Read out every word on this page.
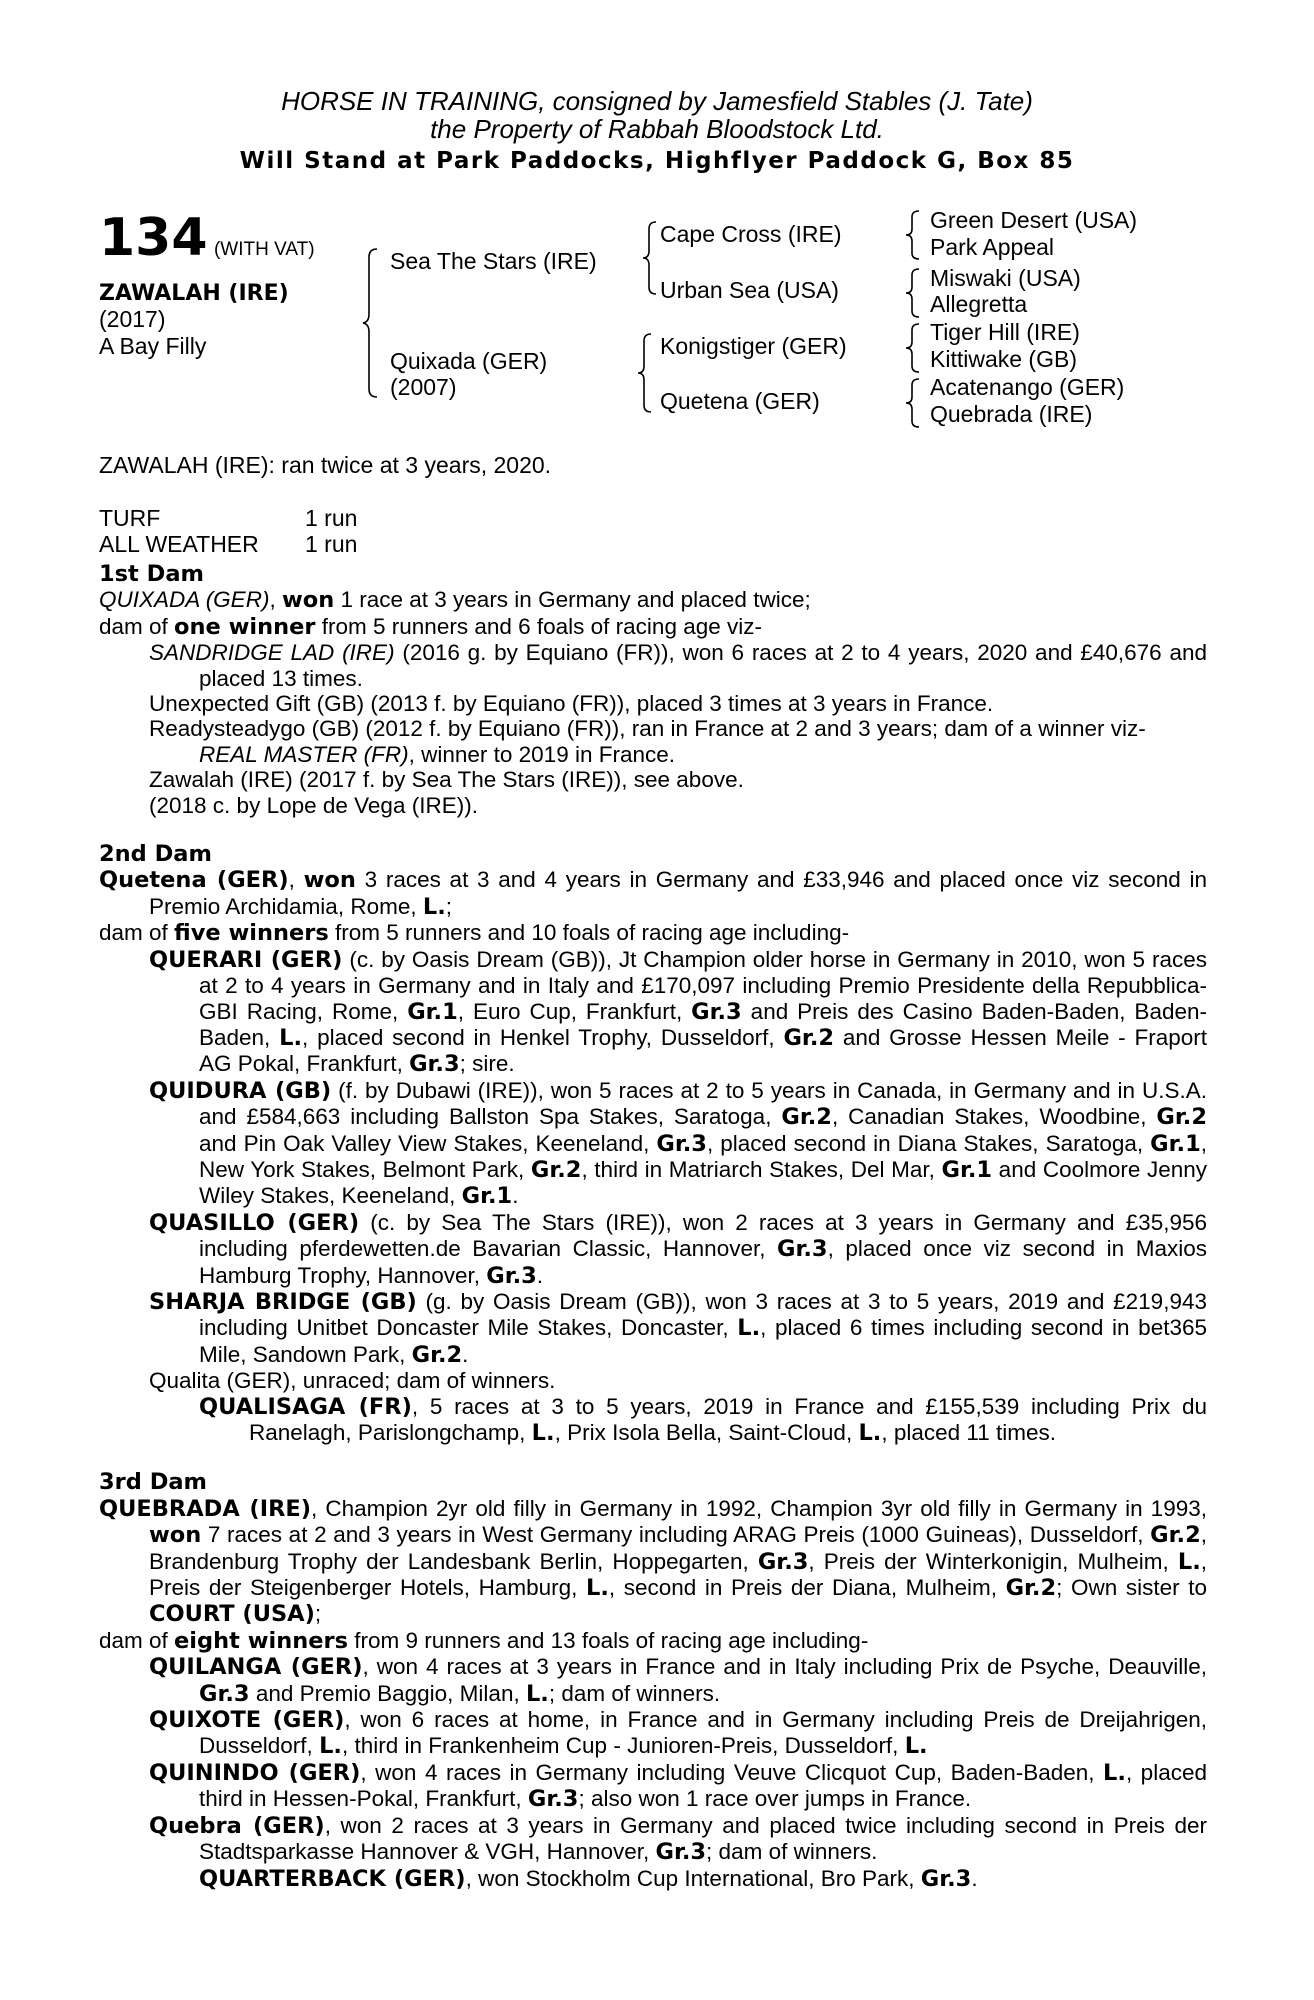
HORSE IN TRAINING, consigned by Jamesfield Stables (J. Tate)
the Property of Rabbah Bloodstock Ltd.
Will Stand at Park Paddocks, Highflyer Paddock G, Box 85
134 (WITH VAT)
ZAWALAH (IRE)
(2017)
A Bay Filly
Sea The Stars (IRE)
Quixada (GER)
(2007)
Cape Cross (IRE)
Urban Sea (USA)
Konigstiger (GER)
Quetena (GER)
Green Desert (USA)
Park Appeal
Miswaki (USA)
Allegretta
Tiger Hill (IRE)
Kittiwake (GB)
Acatenango (GER)
Quebrada (IRE)
ZAWALAH (IRE): ran twice at 3 years, 2020.
TURF	1 run
ALL WEATHER 1 run
1st Dam
QUIXADA (GER), won 1 race at 3 years in Germany and placed twice;
dam of one winner from 5 runners and 6 foals of racing age viz-
SANDRIDGE LAD (IRE) (2016 g. by Equiano (FR)), won 6 races at 2 to 4 years, 2020 and £40,676 and placed 13 times.
Unexpected Gift (GB) (2013 f. by Equiano (FR)), placed 3 times at 3 years in France.
Readysteadygo (GB) (2012 f. by Equiano (FR)), ran in France at 2 and 3 years; dam of a winner viz-
REAL MASTER (FR), winner to 2019 in France.
Zawalah (IRE) (2017 f. by Sea The Stars (IRE)), see above.
(2018 c. by Lope de Vega (IRE)).
2nd Dam
Quetena (GER), won 3 races at 3 and 4 years in Germany and £33,946 and placed once viz second in Premio Archidamia, Rome, L.;
dam of five winners from 5 runners and 10 foals of racing age including-
QUERARI (GER) (c. by Oasis Dream (GB)), Jt Champion older horse in Germany in 2010, won 5 races at 2 to 4 years in Germany and in Italy and £170,097 including Premio Presidente della Repubblica-GBI Racing, Rome, Gr.1, Euro Cup, Frankfurt, Gr.3 and Preis des Casino Baden-Baden, Baden-Baden, L., placed second in Henkel Trophy, Dusseldorf, Gr.2 and Grosse Hessen Meile - Fraport AG Pokal, Frankfurt, Gr.3; sire.
QUIDURA (GB) (f. by Dubawi (IRE)), won 5 races at 2 to 5 years in Canada, in Germany and in U.S.A. and £584,663 including Ballston Spa Stakes, Saratoga, Gr.2, Canadian Stakes, Woodbine, Gr.2 and Pin Oak Valley View Stakes, Keeneland, Gr.3, placed second in Diana Stakes, Saratoga, Gr.1, New York Stakes, Belmont Park, Gr.2, third in Matriarch Stakes, Del Mar, Gr.1 and Coolmore Jenny Wiley Stakes, Keeneland, Gr.1.
QUASILLO (GER) (c. by Sea The Stars (IRE)), won 2 races at 3 years in Germany and £35,956 including pferdewetten.de Bavarian Classic, Hannover, Gr.3, placed once viz second in Maxios Hamburg Trophy, Hannover, Gr.3.
SHARJA BRIDGE (GB) (g. by Oasis Dream (GB)), won 3 races at 3 to 5 years, 2019 and £219,943 including Unitbet Doncaster Mile Stakes, Doncaster, L., placed 6 times including second in bet365 Mile, Sandown Park, Gr.2.
Qualita (GER), unraced; dam of winners.
QUALISAGA (FR), 5 races at 3 to 5 years, 2019 in France and £155,539 including Prix du Ranelagh, Parislongchamp, L., Prix Isola Bella, Saint-Cloud, L., placed 11 times.
3rd Dam
QUEBRADA (IRE), Champion 2yr old filly in Germany in 1992, Champion 3yr old filly in Germany in 1993, won 7 races at 2 and 3 years in West Germany including ARAG Preis (1000 Guineas), Dusseldorf, Gr.2, Brandenburg Trophy der Landesbank Berlin, Hoppegarten, Gr.3, Preis der Winterkonigin, Mulheim, L., Preis der Steigenberger Hotels, Hamburg, L., second in Preis der Diana, Mulheim, Gr.2; Own sister to COURT (USA);
dam of eight winners from 9 runners and 13 foals of racing age including-
QUILANGA (GER), won 4 races at 3 years in France and in Italy including Prix de Psyche, Deauville, Gr.3 and Premio Baggio, Milan, L.; dam of winners.
QUIXOTE (GER), won 6 races at home, in France and in Germany including Preis de Dreijahrigen, Dusseldorf, L., third in Frankenheim Cup - Junioren-Preis, Dusseldorf, L.
QUININDO (GER), won 4 races in Germany including Veuve Clicquot Cup, Baden-Baden, L., placed third in Hessen-Pokal, Frankfurt, Gr.3; also won 1 race over jumps in France.
Quebra (GER), won 2 races at 3 years in Germany and placed twice including second in Preis der Stadtsparkasse Hannover & VGH, Hannover, Gr.3; dam of winners.
QUARTERBACK (GER), won Stockholm Cup International, Bro Park, Gr.3.
